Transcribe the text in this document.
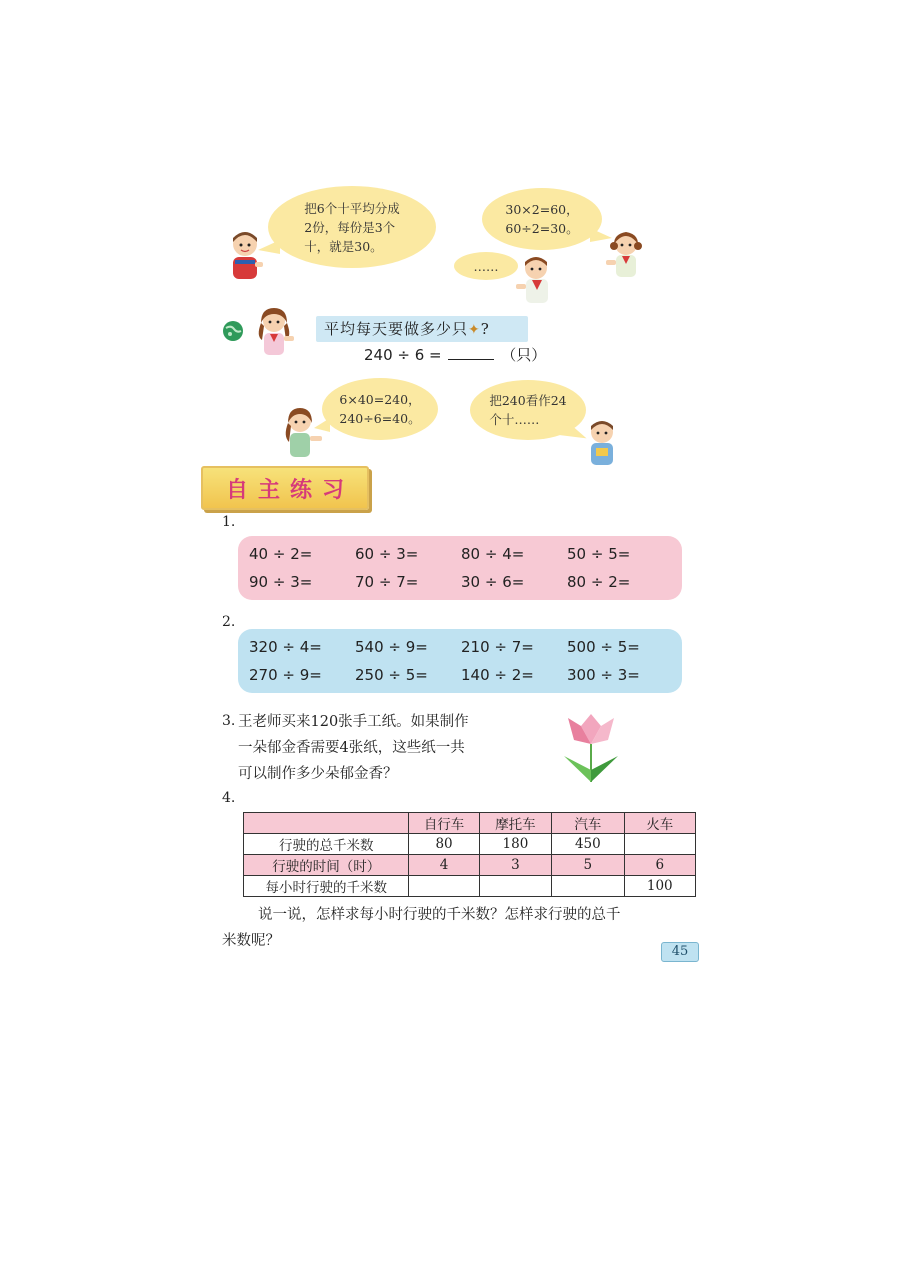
把6个十平均分成
2份，每份是3个
十，就是30。
30×2=60，
60÷2=30。
……
平均每天要做多少只✦?
240 ÷ 6 =	（只）
6×40=240，
240÷6=40。
把240看作24
个十……
自主练习
1.
40 ÷ 2=	60 ÷ 3=	80 ÷ 4=	50 ÷ 5=
90 ÷ 3=	70 ÷ 7=	30 ÷ 6=	80 ÷ 2=
2.
320 ÷ 4=	540 ÷ 9=	210 ÷ 7=	500 ÷ 5=
270 ÷ 9=	250 ÷ 5=	140 ÷ 2=	300 ÷ 3=
3. 王老师买来120张手工纸。如果制作
一朵郁金香需要4张纸，这些纸一共
可以制作多少朵郁金香？
4.
	自行车	摩托车	汽车	火车
行驶的总千米数	80	180	450	
行驶的时间（时）	4	3	5	6
每小时行驶的千米数				100
说一说，怎样求每小时行驶的千米数？怎样求行驶的总千
米数呢？
45
